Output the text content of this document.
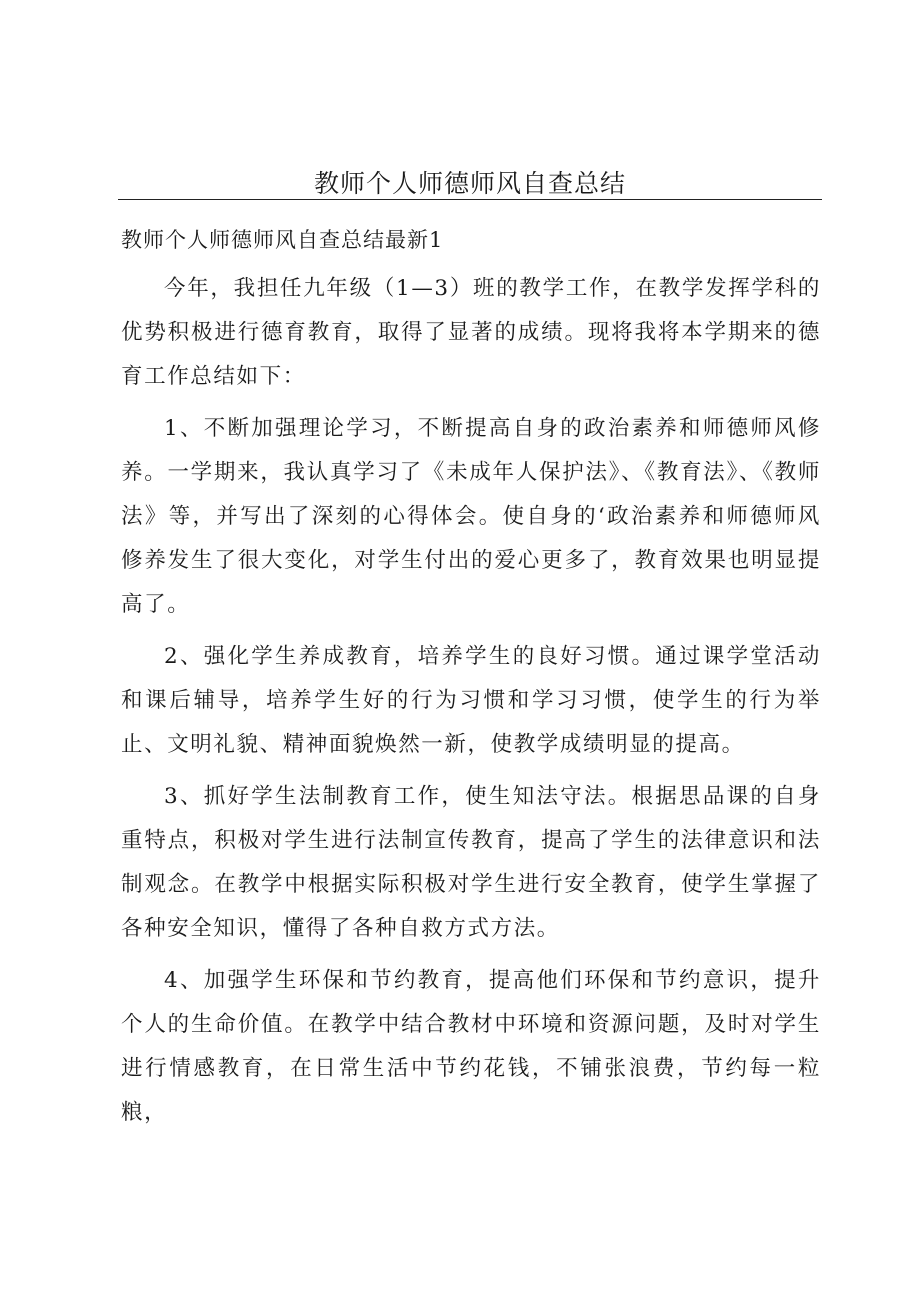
教师个人师德师风自查总结

教师个人师德师风自查总结最新1

今年，我担任九年级（1—3）班的教学工作，在教学发挥学科的优势积极进行德育教育，取得了显著的成绩。现将我将本学期来的德育工作总结如下：

1、不断加强理论学习，不断提高自身的政治素养和师德师风修养。一学期来，我认真学习了《未成年人保护法》、《教育法》、《教师法》等，并写出了深刻的心得体会。使自身的‘政治素养和师德师风修养发生了很大变化，对学生付出的爱心更多了，教育效果也明显提高了。

2、强化学生养成教育，培养学生的良好习惯。通过课学堂活动和课后辅导，培养学生好的行为习惯和学习习惯，使学生的行为举止、文明礼貌、精神面貌焕然一新，使教学成绩明显的提高。

3、抓好学生法制教育工作，使生知法守法。根据思品课的自身重特点，积极对学生进行法制宣传教育，提高了学生的法律意识和法制观念。在教学中根据实际积极对学生进行安全教育，使学生掌握了各种安全知识，懂得了各种自救方式方法。

4、加强学生环保和节约教育，提高他们环保和节约意识，提升个人的生命价值。在教学中结合教材中环境和资源问题，及时对学生进行情感教育，在日常生活中节约花钱，不铺张浪费，节约每一粒粮，
